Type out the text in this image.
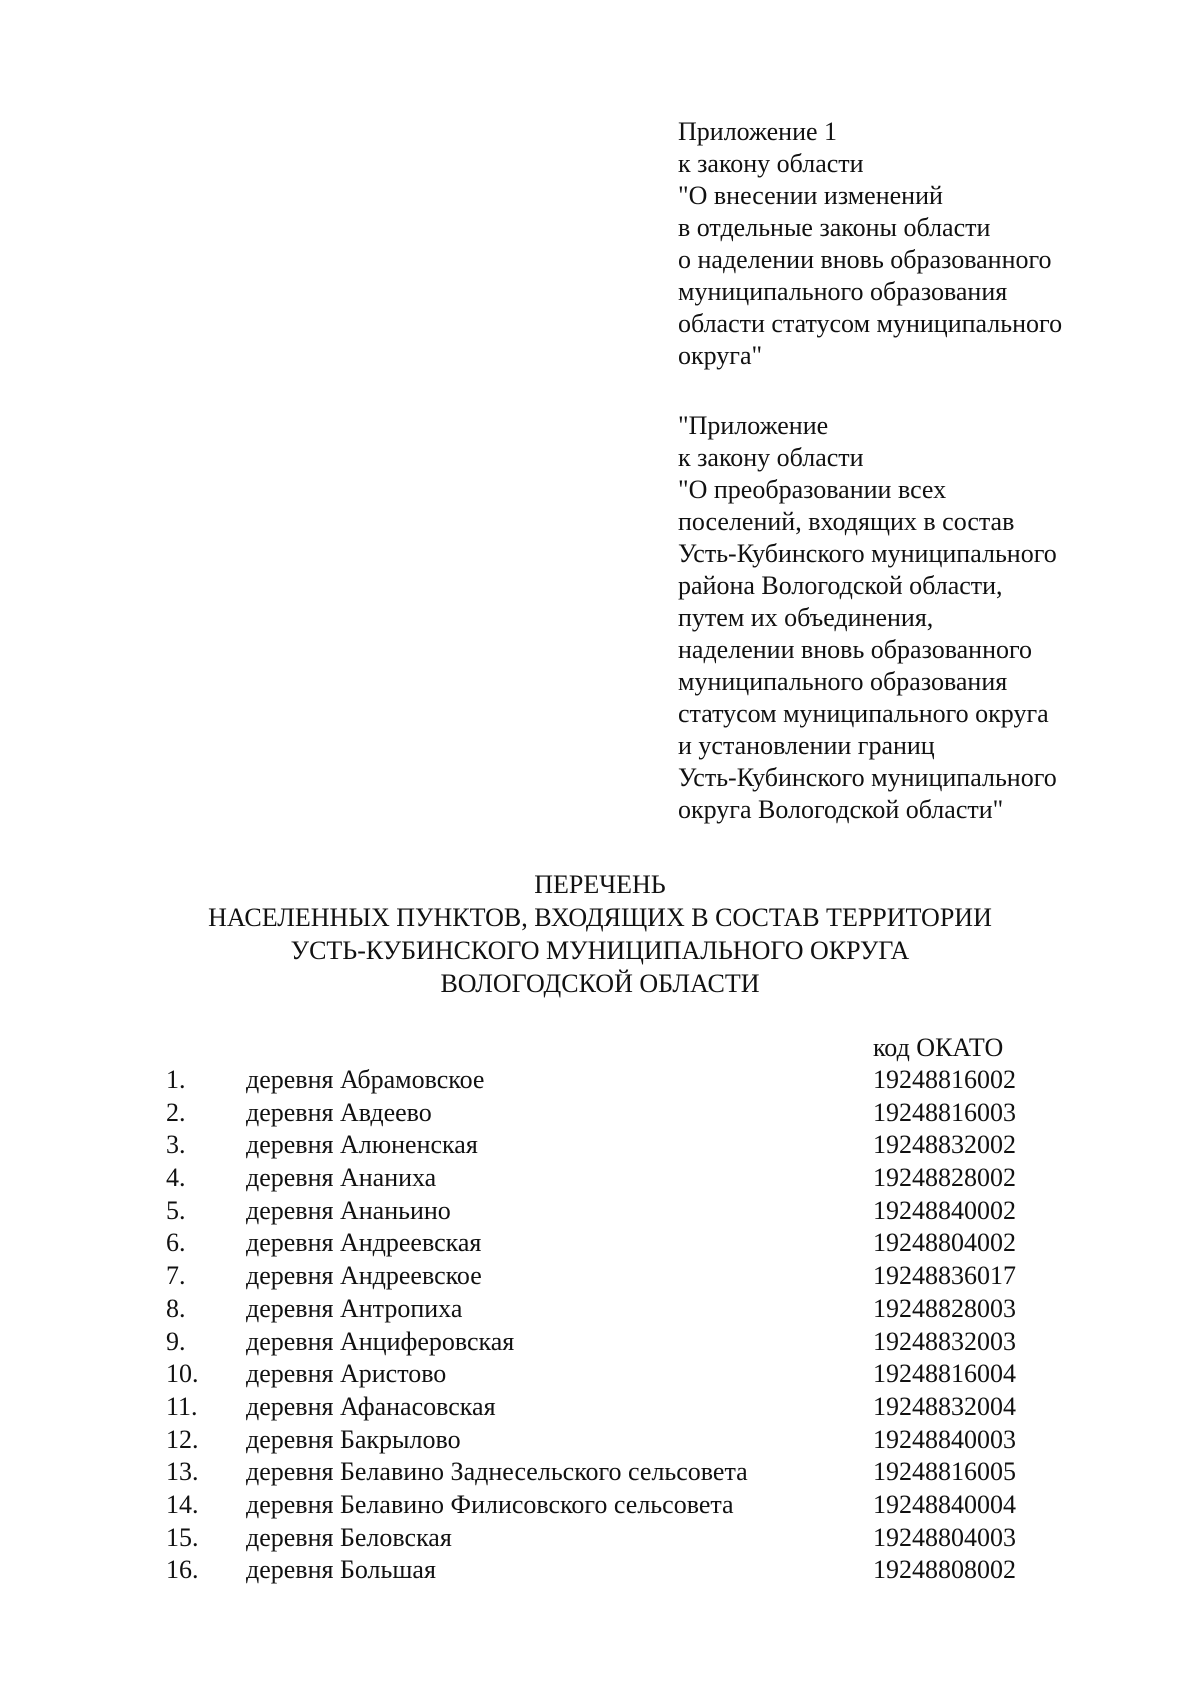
Приложение 1
к закону области
"О внесении изменений
в отдельные законы области
о наделении вновь образованного
муниципального образования
области статусом муниципального
округа"
"Приложение
к закону области
"О преобразовании всех
поселений, входящих в состав
Усть-Кубинского муниципального
района Вологодской области,
путем их объединения,
наделении вновь образованного
муниципального образования
статусом муниципального округа
и установлении границ
Усть-Кубинского муниципального
округа Вологодской области"
ПЕРЕЧЕНЬ
НАСЕЛЕННЫХ ПУНКТОВ, ВХОДЯЩИХ В СОСТАВ ТЕРРИТОРИИ
УСТЬ-КУБИНСКОГО МУНИЦИПАЛЬНОГО ОКРУГА
ВОЛОГОДСКОЙ ОБЛАСТИ
код ОКАТО
1. деревня Абрамовское	19248816002
2. деревня Авдеево	19248816003
3. деревня Алюненская	19248832002
4. деревня Ананиха	19248828002
5. деревня Ананьино	19248840002
6. деревня Андреевская	19248804002
7. деревня Андреевское	19248836017
8. деревня Антропиха	19248828003
9. деревня Анциферовская	19248832003
10. деревня Аристово	19248816004
11. деревня Афанасовская	19248832004
12. деревня Бакрылово	19248840003
13. деревня Белавино Заднесельского сельсовета	19248816005
14. деревня Белавино Филисовского сельсовета	19248840004
15. деревня Беловская	19248804003
16. деревня Большая	19248808002
